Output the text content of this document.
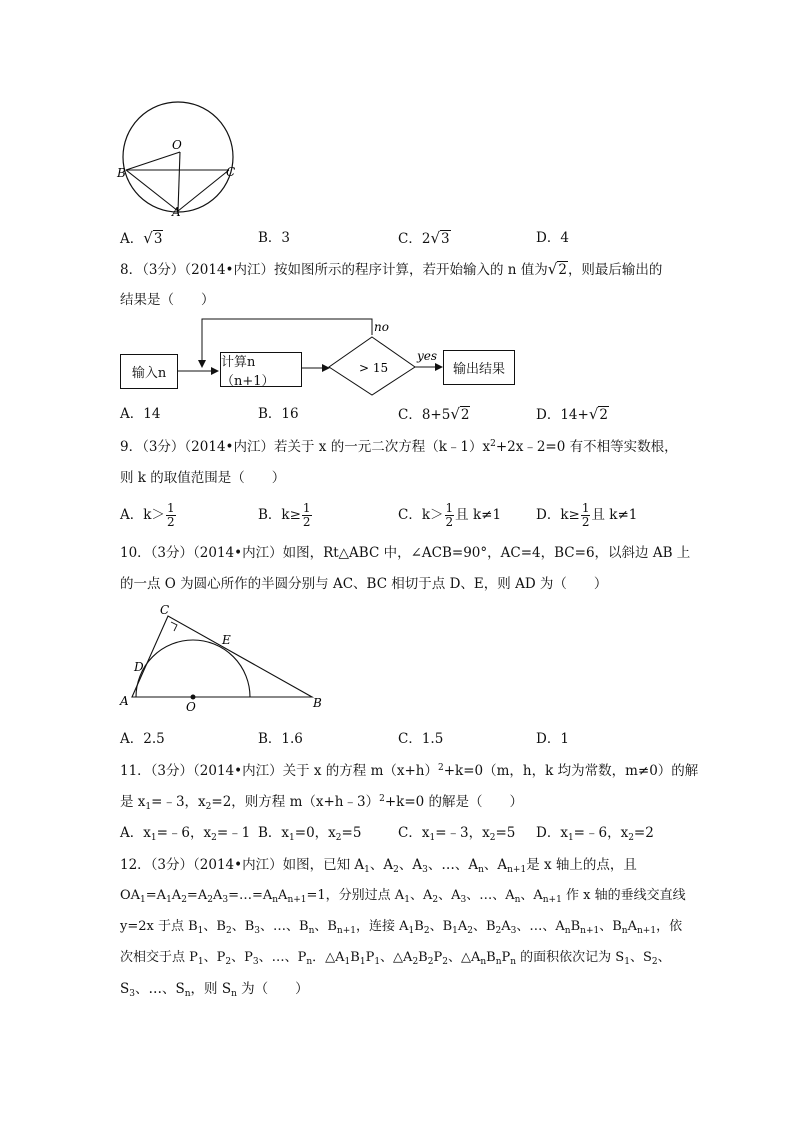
O
B	C
A
A．√3	B．3	C．2√3	D．4
8．（3分）（2014•内江）按如图所示的程序计算，若开始输入的 n 值为√2，则最后输出的
结果是（　　）
no
yes
> 15
输入n
计算n（n+1）
输出结果
A．14	B．16	C．8+5√2	D．14+√2
9．（3分）（2014•内江）若关于 x 的一元二次方程$(k﹣1)x^2+2x﹣2=0$ 有不相等实数根，
则 k 的取值范围是（　　）
A．$k> \frac{1}{2}$	B．$k\ge \frac{1}{2}$	C．$k> \frac{1}{2}$ 且 k≠1	D．$k\ge \frac{1}{2}$ 且 k≠1
10．（3分）（2014•内江）如图，Rt△ABC 中，∠ACB=90°，AC=4，BC=6，以斜边 AB 上
的一点 O 为圆心所作的半圆分别与 AC、BC 相切于点 D、E，则 AD 为（　　）
C
E
D
A	O	B
A．2.5	B．1.6	C．1.5	D．1
11．（3分）（2014•内江）关于 x 的方程 $m(x+h)^2+k=0(m$，h，k 均为常数，m≠0）的解
是 $x_1=﹣3$，$x_2=2$，则方程 m（x+h﹣3）$^2$+k=0 的解是（　　）
A．$x_1=﹣6$，$x_2=﹣1$ B．$x_1=0$，$x_2=5$	C．$x_1=﹣3$，$x_2=5$ D．$x_1=﹣6$，$x_2=2$
12．（3分）（2014•内江）如图，已知 $A_1$、$A_2$、$A_3$、…、$A_n$、$A_{n+1}$是 x 轴上的点，且
$OA_1=A_1A_2=A_2A_3=\dots=A_nA_{n+1}=1$，分别过点 $A_1$、$A_2$、$A_3$、…、$A_n$、$A_{n+1}$ 作 x 轴的垂线交直线
y=2x 于点 $B_1$、$B_2$、$B_3$、…、$B_n$、$B_{n+1}$，连接 $A_1B_2$、$B_1A_2$、$B_2A_3$、…、$A_nB_{n+1}$、$B_nA_{n+1}$，依
次相交于点 $P_1$、$P_2$、$P_3$、…、$P_n$．$\triangle A_1B_1P_1$、$\triangle A_2B_2P_2$、$\triangle A_nB_nP_n$ 的面积依次记为 $S_1$、$S_2$、
$S_3$、…、$S_n$，则 $S_n$ 为（　　）
